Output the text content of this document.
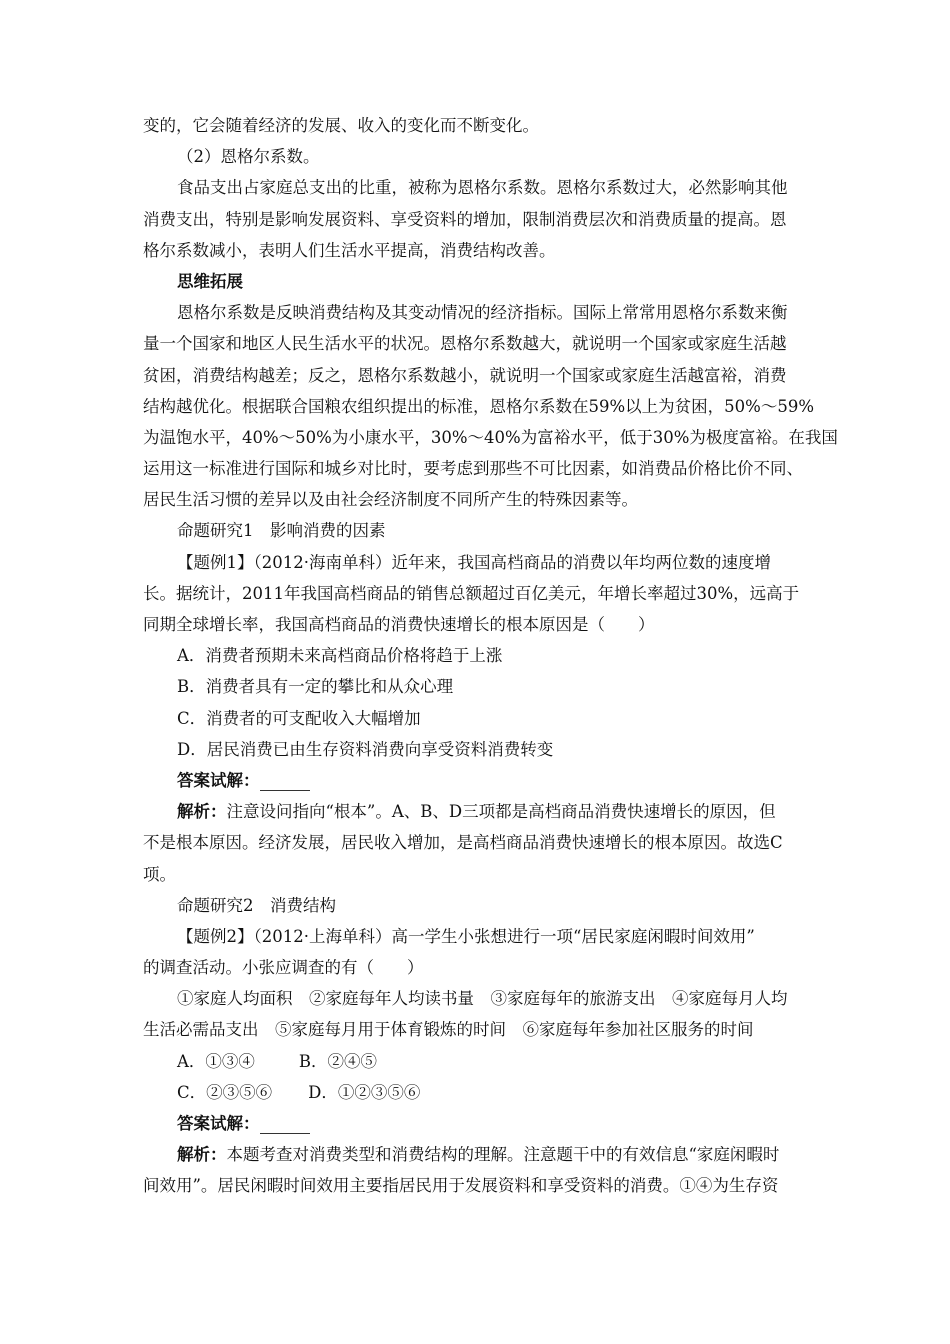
变的，它会随着经济的发展、收入的变化而不断变化。
（2）恩格尔系数。
食品支出占家庭总支出的比重，被称为恩格尔系数。恩格尔系数过大，必然影响其他
消费支出，特别是影响发展资料、享受资料的增加，限制消费层次和消费质量的提高。恩
格尔系数减小，表明人们生活水平提高，消费结构改善。
思维拓展
恩格尔系数是反映消费结构及其变动情况的经济指标。国际上常常用恩格尔系数来衡
量一个国家和地区人民生活水平的状况。恩格尔系数越大，就说明一个国家或家庭生活越
贫困，消费结构越差；反之，恩格尔系数越小，就说明一个国家或家庭生活越富裕，消费
结构越优化。根据联合国粮农组织提出的标准，恩格尔系数在59%以上为贫困，50%～59%
为温饱水平，40%～50%为小康水平，30%～40%为富裕水平，低于30%为极度富裕。在我国
运用这一标准进行国际和城乡对比时，要考虑到那些不可比因素，如消费品价格比价不同、
居民生活习惯的差异以及由社会经济制度不同所产生的特殊因素等。
命题研究1　影响消费的因素
【题例1】（2012·海南单科）近年来，我国高档商品的消费以年均两位数的速度增
长。据统计，2011年我国高档商品的销售总额超过百亿美元，年增长率超过30%，远高于
同期全球增长率，我国高档商品的消费快速增长的根本原因是（　　）
A．消费者预期未来高档商品价格将趋于上涨
B．消费者具有一定的攀比和从众心理
C．消费者的可支配收入大幅增加
D．居民消费已由生存资料消费向享受资料消费转变
答案试解：
解析：注意设问指向“根本”。A、B、D三项都是高档商品消费快速增长的原因，但
不是根本原因。经济发展，居民收入增加，是高档商品消费快速增长的根本原因。故选C
项。
命题研究2　消费结构
【题例2】（2012·上海单科）高一学生小张想进行一项“居民家庭闲暇时间效用”
的调查活动。小张应调查的有（　　）
①家庭人均面积　②家庭每年人均读书量　③家庭每年的旅游支出　④家庭每月人均
生活必需品支出　⑤家庭每月用于体育锻炼的时间　⑥家庭每年参加社区服务的时间
A．①③④	B．②④⑤
C．②③⑤⑥ D．①②③⑤⑥
答案试解：
解析：本题考查对消费类型和消费结构的理解。注意题干中的有效信息“家庭闲暇时
间效用”。居民闲暇时间效用主要指居民用于发展资料和享受资料的消费。①④为生存资
